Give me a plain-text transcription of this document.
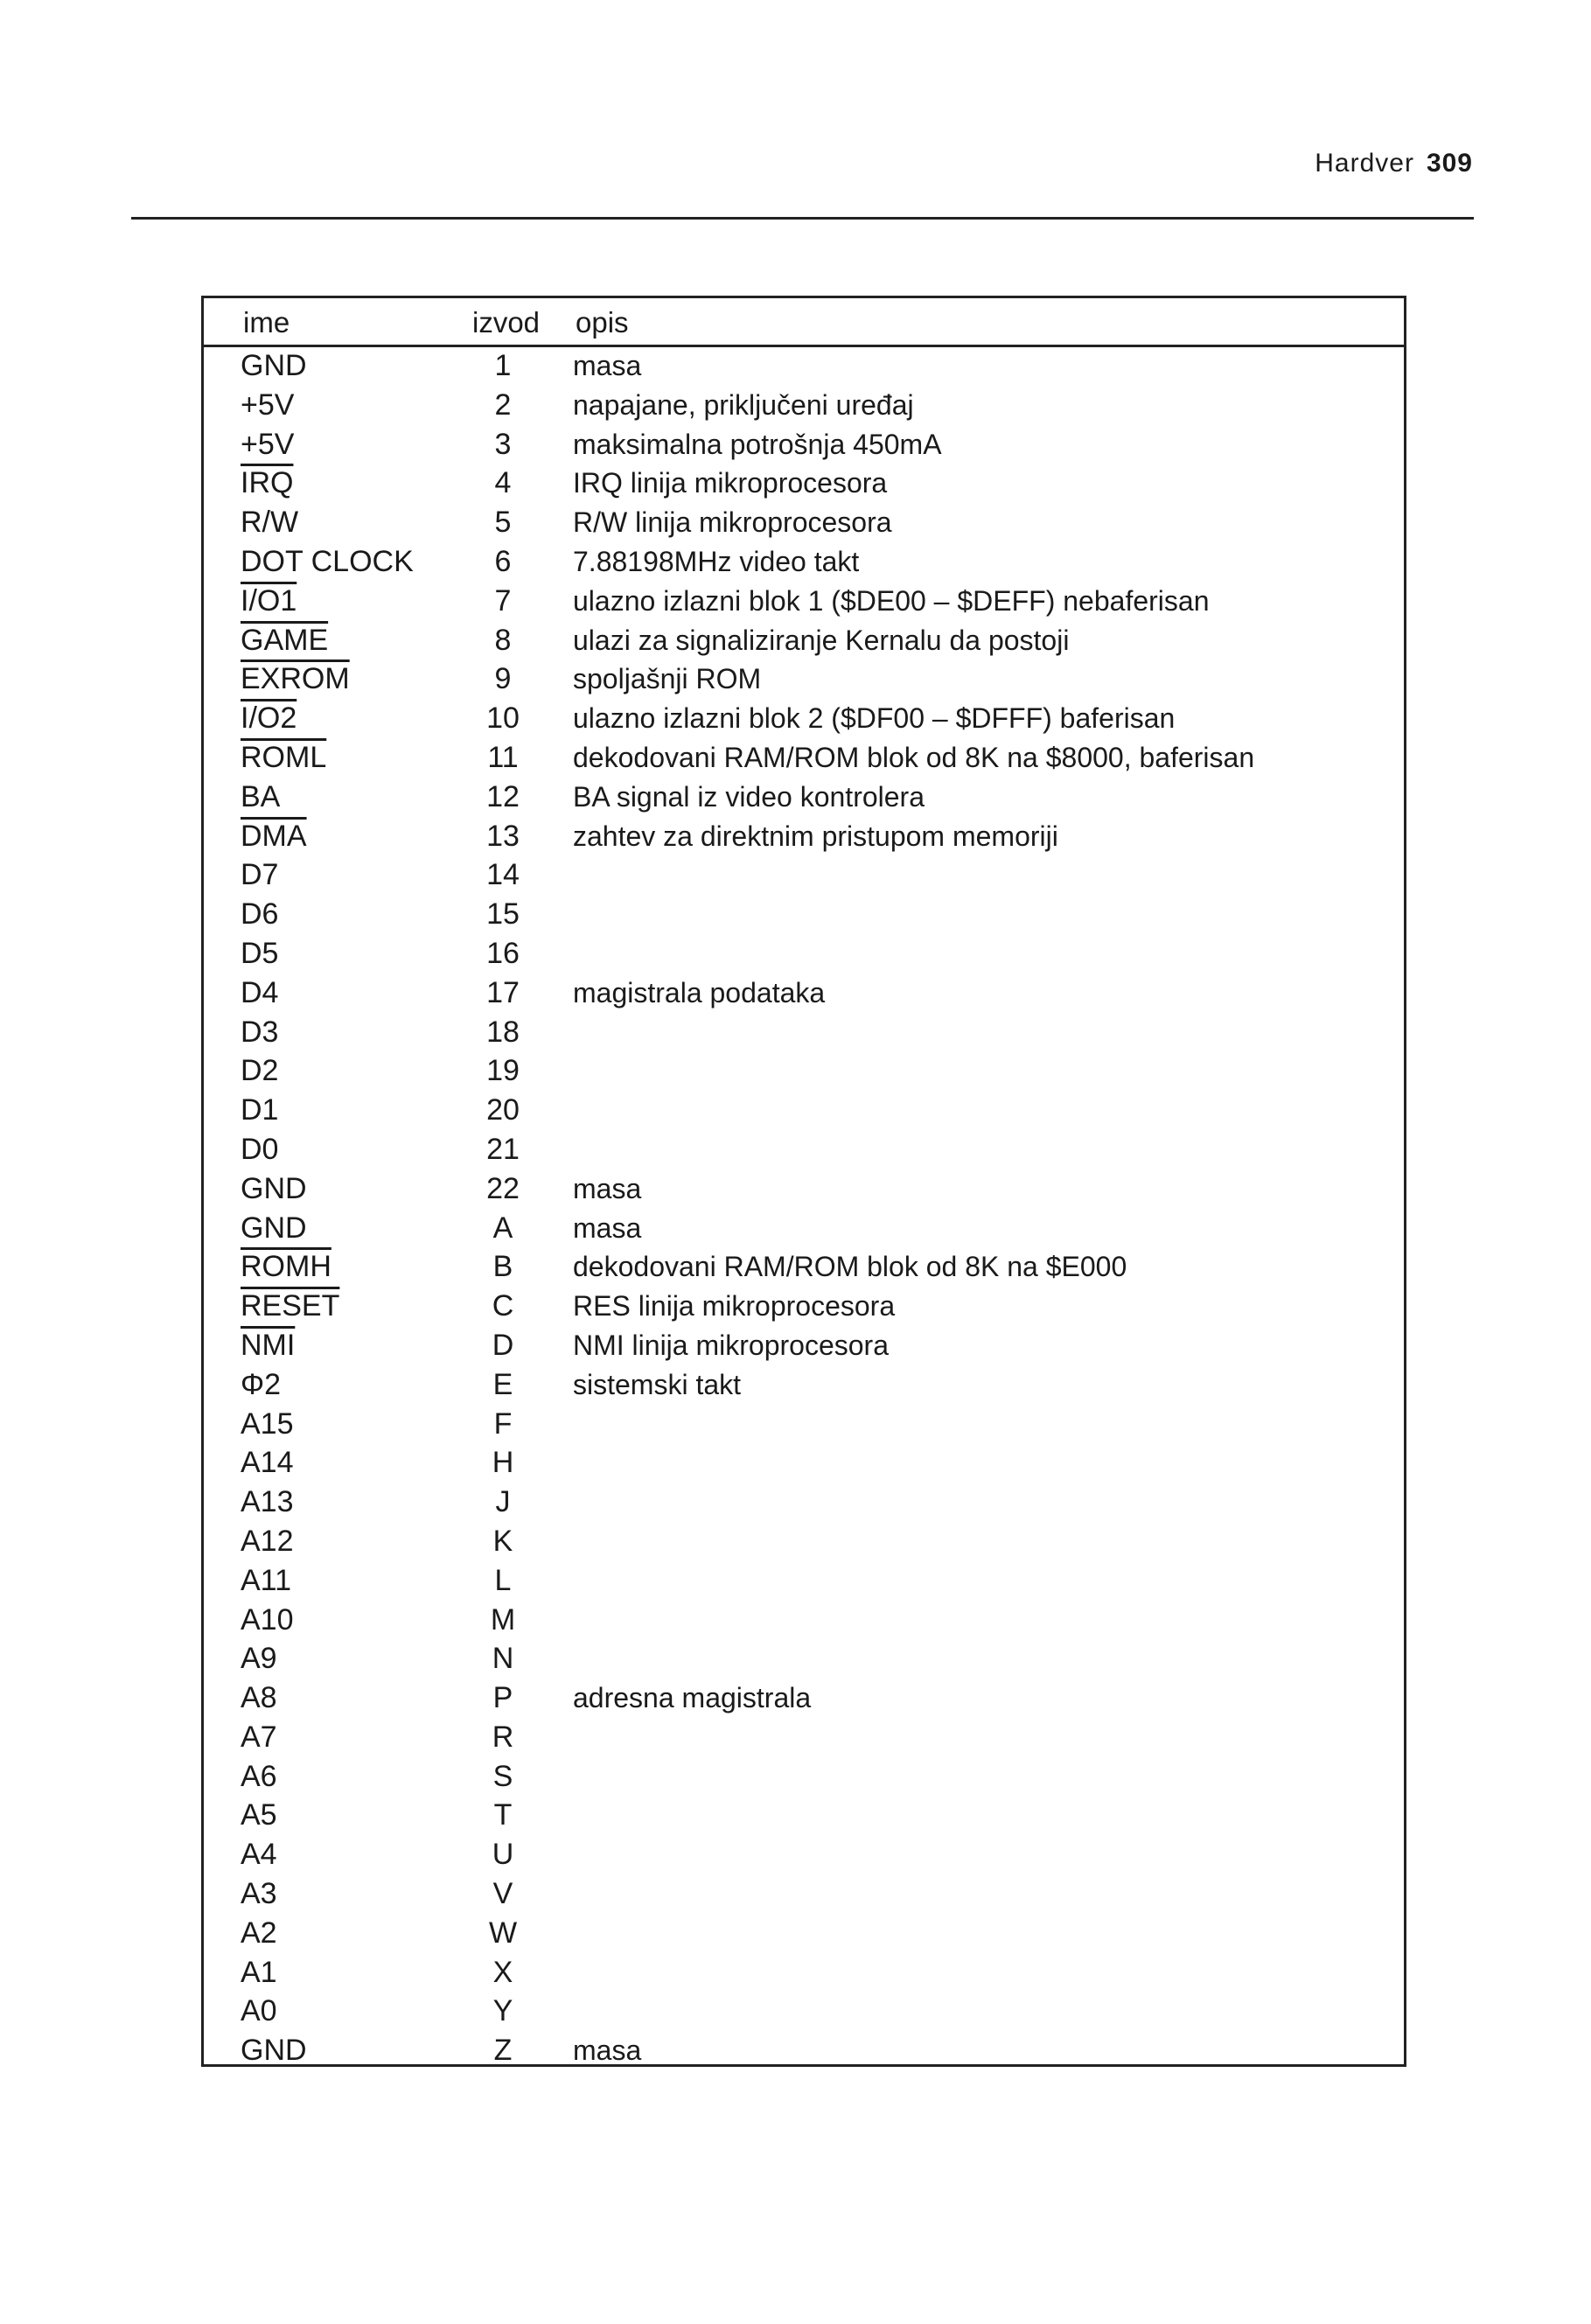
Hardver 309
ime	izvod opis
GND	1	masa
+5V	2	napajane, priključeni uređaj
+5V	3	maksimalna potrošnja 450mA
$\overline{IRQ}$	4	IRQ linija mikroprocesora
R/W	5	R/W linija mikroprocesora
DOT CLOCK	6	7.88198MHz video takt
I/O1	7	ulazno izlazni blok 1 ($DE00 – $DEFF) nebaferisan
GAME	8	ulazi za signaliziranje Kernalu da postoji
EXROM	9	spoljašnji ROM
I/O2	10	ulazno izlazni blok 2 ($DF00 – $DFFF) baferisan
ROML	11	dekodovani RAM/ROM blok od 8K na $8000, baferisan
BA	12	BA signal iz video kontrolera
$\overline{DMA}$	13	zahtev za direktnim pristupom memoriji
D7	14
D6	15
D5	16
D4	17	magistrala podataka
D3	18
D2	19
D1	20
D0	21
GND	22	masa
GND	A	masa
ROMH	B	dekodovani RAM/ROM blok od 8K na $E000
RESET	C	RES linija mikroprocesora
$\overline{NMI}$	D	NMI linija mikroprocesora
Φ2	E	sistemski takt
A15	F
A14	H
A13	J
A12	K
A11	L
A10	M
A9	N
A8	P	adresna magistrala
A7	R
A6	S
A5	T
A4	U
A3	V
A2	W
A1	X
A0	Y
GND	Z	masa
